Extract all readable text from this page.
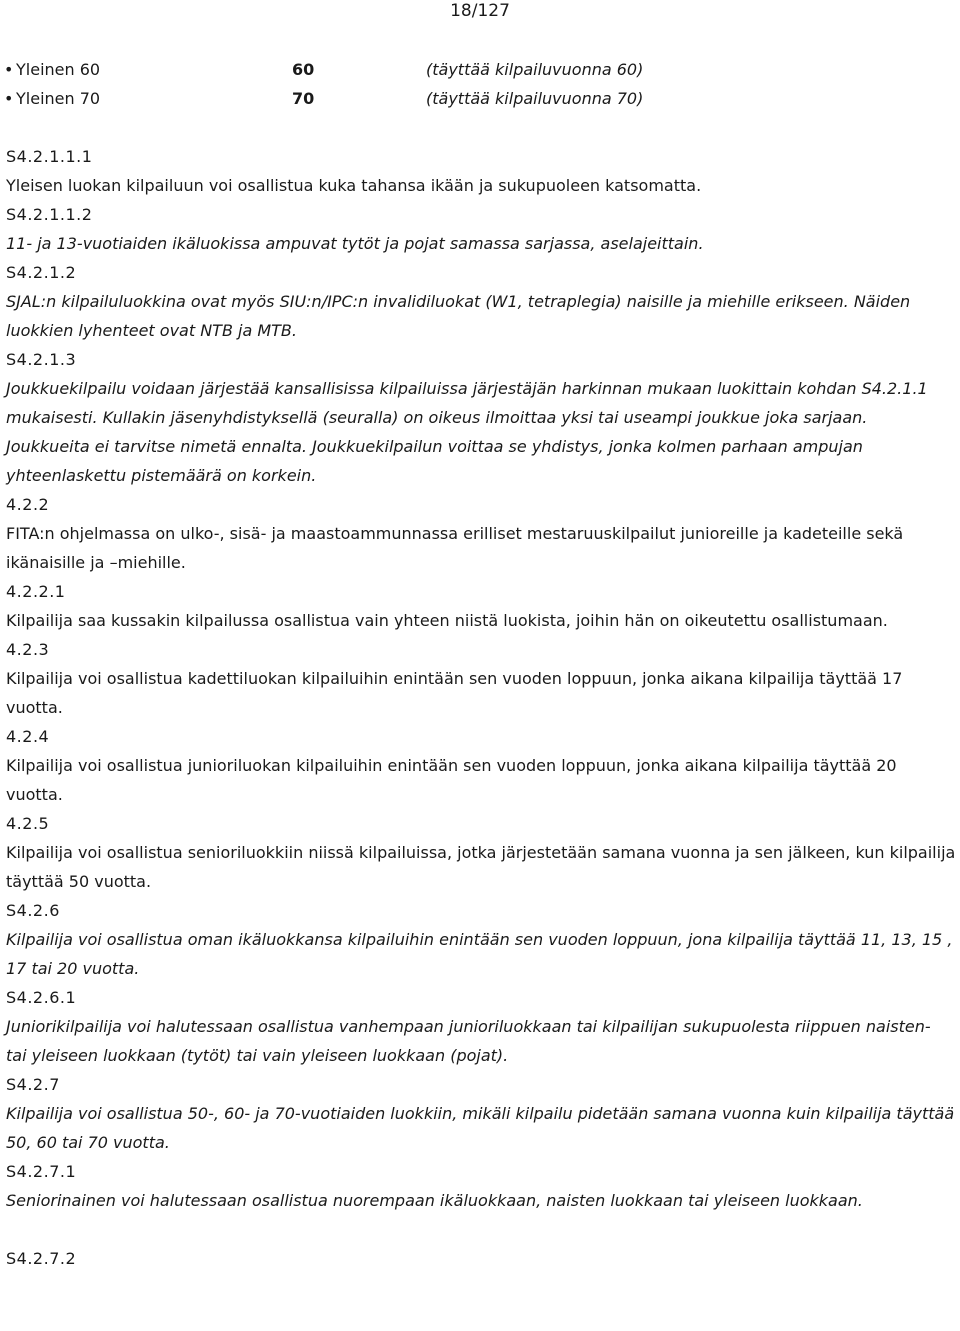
18/127
• Yleinen 60	60	(täyttää kilpailuvuonna 60)
• Yleinen 70	70	(täyttää kilpailuvuonna 70)

S4.2.1.1.1

Yleisen luokan kilpailuun voi osallistua kuka tahansa ikään ja sukupuoleen katsomatta.

S4.2.1.1.2

11- ja 13-vuotiaiden ikäluokissa ampuvat tytöt ja pojat samassa sarjassa, aselajeittain.

S4.2.1.2

SJAL:n kilpailuluokkina ovat myös SIU:n/IPC:n invalidiluokat (W1, tetraplegia) naisille ja miehille erikseen. Näiden luokkien lyhenteet ovat NTB ja MTB.

S4.2.1.3

Joukkuekilpailu voidaan järjestää kansallisissa kilpailuissa järjestäjän harkinnan mukaan luokittain kohdan S4.2.1.1 mukaisesti. Kullakin jäsenyhdistyksellä (seuralla) on oikeus ilmoittaa yksi tai useampi joukkue joka sarjaan. Joukkueita ei tarvitse nimetä ennalta. Joukkuekilpailun voittaa se yhdistys, jonka kolmen parhaan ampujan yhteenlaskettu pistemäärä on korkein.

4.2.2

FITA:n ohjelmassa on ulko-, sisä- ja maastoammunnassa erilliset mestaruuskilpailut junioreille ja kadeteille sekä ikänaisille ja –miehille.

4.2.2.1

Kilpailija saa kussakin kilpailussa osallistua vain yhteen niistä luokista, joihin hän on oikeutettu osallistumaan.

4.2.3

Kilpailija voi osallistua kadettiluokan kilpailuihin enintään sen vuoden loppuun, jonka aikana kilpailija täyttää 17 vuotta.

4.2.4

Kilpailija voi osallistua junioriluokan kilpailuihin enintään sen vuoden loppuun, jonka aikana kilpailija täyttää 20 vuotta.

4.2.5

Kilpailija voi osallistua senioriluokkiin niissä kilpailuissa, jotka järjestetään samana vuonna ja sen jälkeen, kun kilpailija täyttää 50 vuotta.

S4.2.6

Kilpailija voi osallistua oman ikäluokkansa kilpailuihin enintään sen vuoden loppuun, jona kilpailija täyttää 11, 13, 15 , 17 tai 20 vuotta.

S4.2.6.1

Juniorikilpailija voi halutessaan osallistua vanhempaan junioriluokkaan tai kilpailijan sukupuolesta riippuen naisten- tai yleiseen luokkaan (tytöt) tai vain yleiseen luokkaan (pojat).

S4.2.7

Kilpailija voi osallistua 50-, 60- ja 70-vuotiaiden luokkiin, mikäli kilpailu pidetään samana vuonna kuin kilpailija täyttää 50, 60 tai 70 vuotta.

S4.2.7.1

Seniorinainen voi halutessaan osallistua nuorempaan ikäluokkaan, naisten luokkaan tai yleiseen luokkaan.

S4.2.7.2
